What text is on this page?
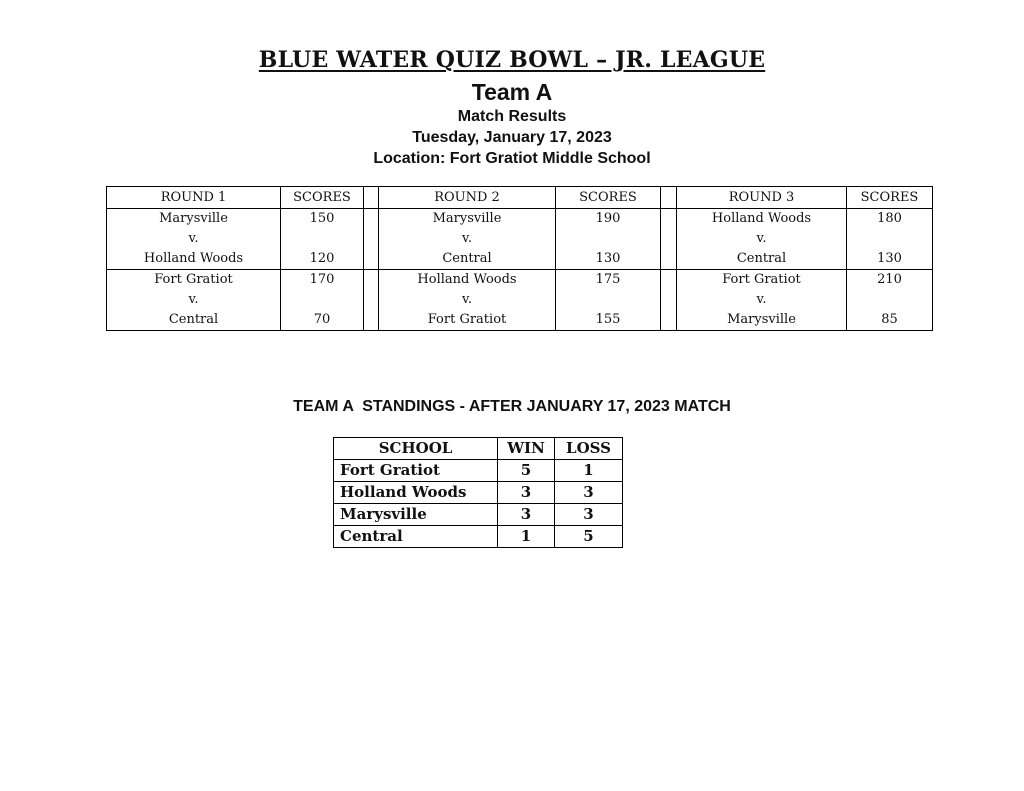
BLUE WATER QUIZ BOWL – JR. LEAGUE
Team A
Match Results
Tuesday, January 17, 2023
Location: Fort Gratiot Middle School
ROUND 1	SCORES		ROUND 2	SCORES		ROUND 3	SCORES
Marysville	150		Marysville	190		Holland Woods	180
v.			v.			v.	
Holland Woods	120		Central	130		Central	130
Fort Gratiot	170		Holland Woods	175		Fort Gratiot	210
v.			v.			v.	
Central	70		Fort Gratiot	155		Marysville	85
TEAM A STANDINGS - AFTER JANUARY 17, 2023 MATCH
SCHOOL	WIN	LOSS
Fort Gratiot	5	1
Holland Woods	3	3
Marysville	3	3
Central	1	5
